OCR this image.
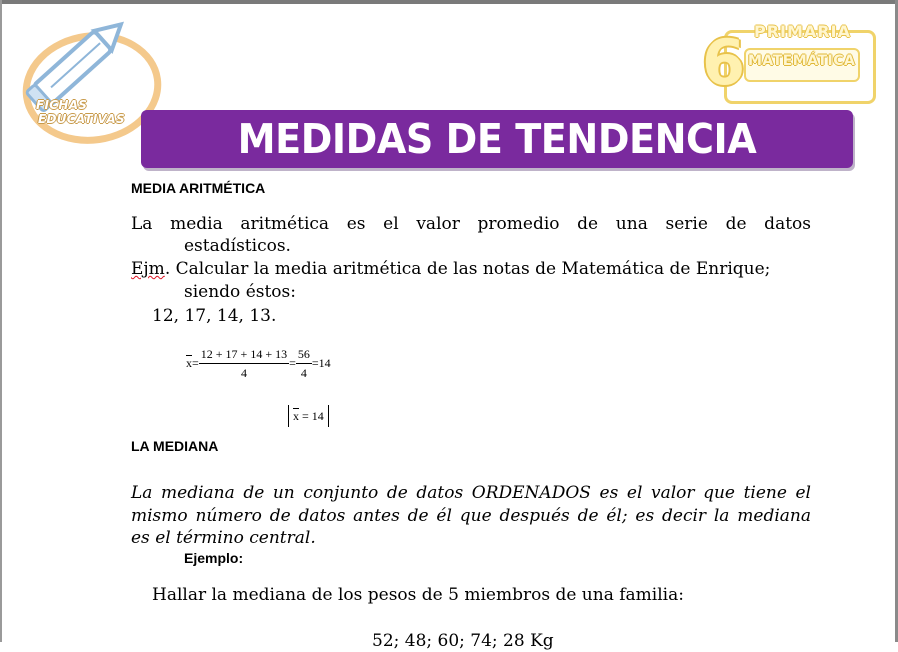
FICHAS
EDUCATIVAS
PRIMARIA
6 MATEMÁTICA
MEDIDAS DE TENDENCIA CENTRAL
MEDIA ARITMÉTICA
La media aritmética es el valor promedio de una serie de datos
estadísticos.
Ejm. Calcular la media aritmética de las notas de Matemática de Enrique;
siendo éstos:
12, 17, 14, 13.
$\overline{x}= \frac{12 + 17 + 14 + 13}{4} = \frac{56}{4} =14$
$\overline{x} = 14$
LA MEDIANA
La mediana de un conjunto de datos ORDENADOS es el valor que tiene el
mismo número de datos antes de él que después de él; es decir la mediana
es el término central.
Ejemplo:
Hallar la mediana de los pesos de 5 miembros de una familia:
52; 48; 60; 74; 28 Kg
